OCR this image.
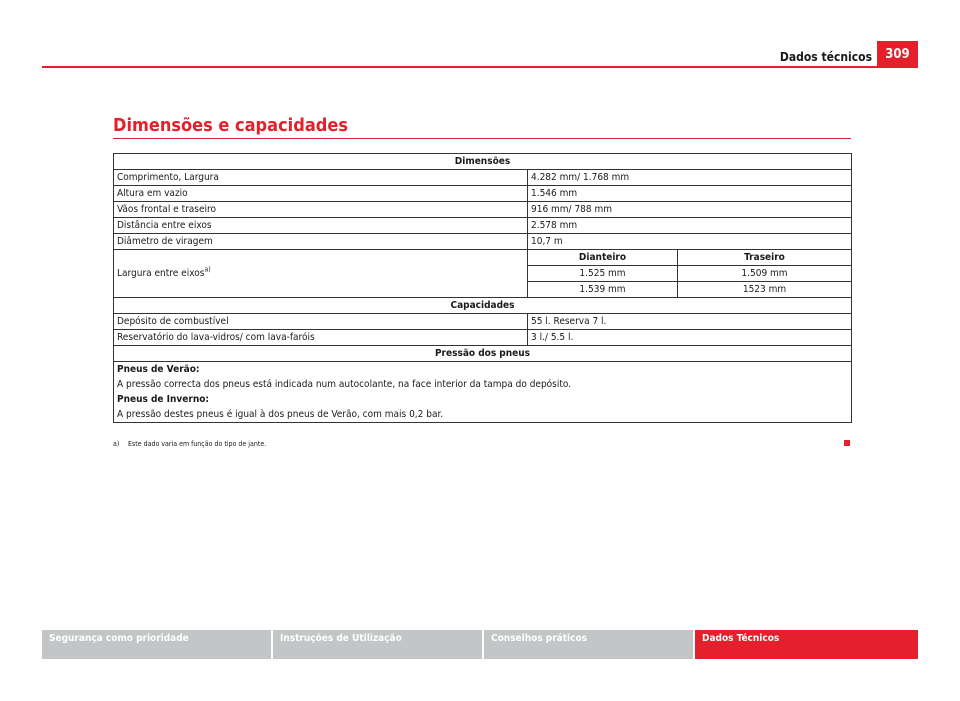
Dados técnicos	309
Dimensões e capacidades
Dimensões		
Comprimento, Largura	4.282 mm/ 1.768 mm	
Altura em vazio	1.546 mm	
Vãos frontal e traseiro	916 mm/ 788 mm	
Distância entre eixos	2.578 mm	
Diâmetro de viragem	10,7 m	
Largura entre eixos$^{a)}$	Dianteiro	Traseiro
	1.525 mm	1.509 mm
	1.539 mm	1523 mm
Capacidades		
Depósito de combustível	55 l. Reserva 7 l.	
Reservatório do lava-vidros/ com lava-faróis	3 l./ 5.5 l.	
Pressão dos pneus		

Pneus de Verão:
A pressão correcta dos pneus está indicada num autocolante, na face interior da tampa do depósito.
Pneus de Inverno:
A pressão destes pneus é igual à dos pneus de Verão, com mais 0,2 bar.		
a) Este dado varia em função do tipo de jante.
Segurança como prioridade	Instruções de Utilização	Conselhos práticos	Dados Técnicos
